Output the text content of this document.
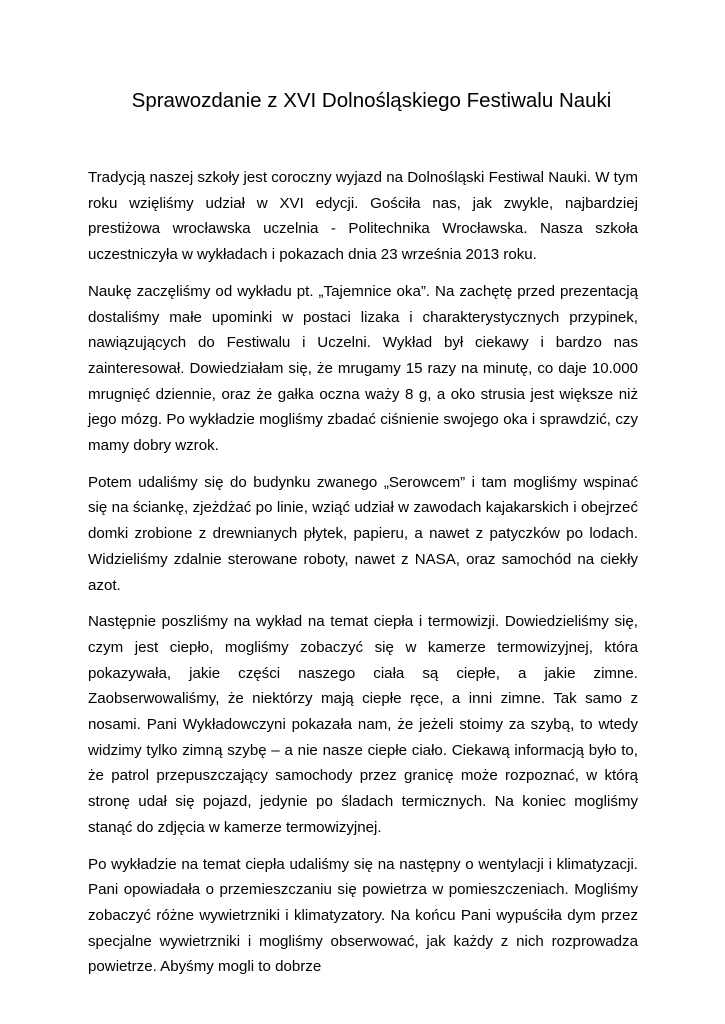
Sprawozdanie z XVI Dolnośląskiego Festiwalu Nauki

Tradycją naszej szkoły jest coroczny wyjazd na Dolnośląski Festiwal Nauki. W tym roku wzięliśmy udział w XVI edycji. Gościła nas, jak zwykle, najbardziej prestiżowa wrocławska uczelnia - Politechnika Wrocławska. Nasza szkoła uczestniczyła w wykładach i pokazach dnia 23 września 2013 roku.

Naukę zaczęliśmy od wykładu pt. „Tajemnice oka”. Na zachętę przed prezentacją dostaliśmy małe upominki w postaci lizaka i charakterystycznych przypinek, nawiązujących do Festiwalu i Uczelni. Wykład był ciekawy i bardzo nas zainteresował. Dowiedziałam się, że mrugamy 15 razy na minutę, co daje 10.000 mrugnięć dziennie, oraz że gałka oczna waży 8 g, a oko strusia jest większe niż jego mózg. Po wykładzie mogliśmy zbadać ciśnienie swojego oka i sprawdzić, czy mamy dobry wzrok.

Potem udaliśmy się do budynku zwanego „Serowcem” i tam mogliśmy wspinać się na ściankę, zjeżdżać po linie, wziąć udział w zawodach kajakarskich i obejrzeć domki zrobione z drewnianych płytek, papieru, a nawet z patyczków po lodach. Widzieliśmy zdalnie sterowane roboty, nawet z NASA, oraz samochód na ciekły azot.

Następnie poszliśmy na wykład na temat ciepła i termowizji. Dowiedzieliśmy się, czym jest ciepło, mogliśmy zobaczyć się w kamerze termowizyjnej, która pokazywała, jakie części naszego ciała są ciepłe, a jakie zimne. Zaobserwowaliśmy, że niektórzy mają ciepłe ręce, a inni zimne. Tak samo z nosami. Pani Wykładowczyni pokazała nam, że jeżeli stoimy za szybą, to wtedy widzimy tylko zimną szybę – a nie nasze ciepłe ciało. Ciekawą informacją było to, że patrol przepuszczający samochody przez granicę może rozpoznać, w którą stronę udał się pojazd, jedynie po śladach termicznych. Na koniec mogliśmy stanąć do zdjęcia w kamerze termowizyjnej.

Po wykładzie na temat ciepła udaliśmy się na następny o wentylacji i klimatyzacji. Pani opowiadała o przemieszczaniu się powietrza w pomieszczeniach. Mogliśmy zobaczyć różne wywietrzniki i klimatyzatory. Na końcu Pani wypuściła dym przez specjalne wywietrzniki i mogliśmy obserwować, jak każdy z nich rozprowadza powietrze. Abyśmy mogli to dobrze
